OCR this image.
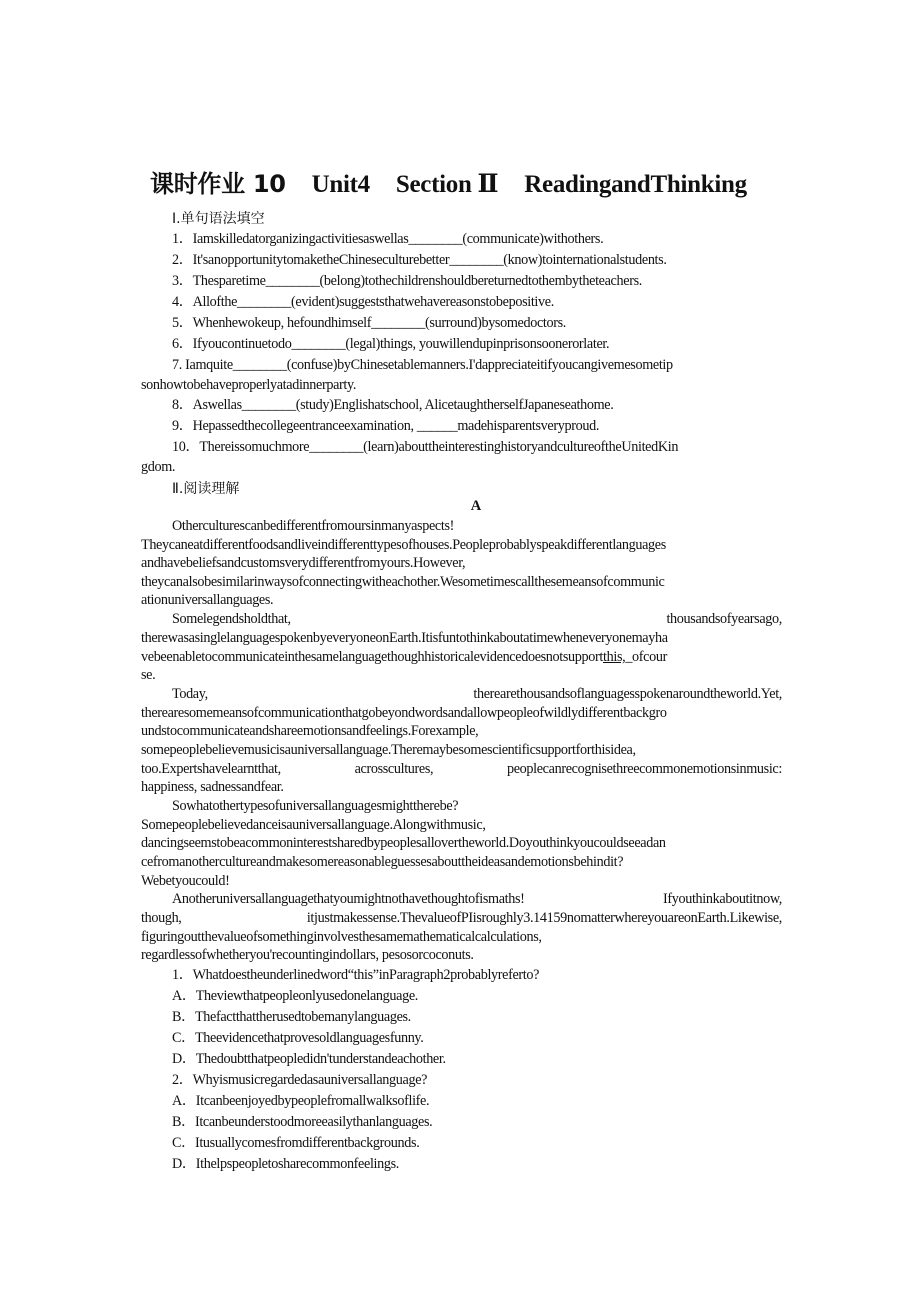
课时作业 10 Unit4 Section Ⅱ ReadingandThinking
Ⅰ.单句语法填空
1．Iamskilledatorganizingactivitiesaswellas________(communicate)withothers.
2．It'sanopportunitytomaketheChineseculturebetter________(know)tointernationalstudents.
3．Thesparetime________(belong)tothechildrenshouldbereturnedtothembytheteachers.
4．Allofthe________(evident)suggeststhatwehavereasonstobepositive.
5．Whenhewokeup, hefoundhimself________(surround)bysomedoctors.
6．Ifyoucontinuetodo________(legal)things, youwillendupinprisonsoonerorlater.
7. Iamquite________(confuse)byChinesetablemanners.I'dappreciateitifyoucangivemesometip
sonhowtobehaveproperlyatadinnerparty.
8．Aswellas________(study)Englishatschool, AlicetaughtherselfJapaneseathome.
9．Hepassedthecollegeentranceexamination, ______madehisparentsveryproud.
10．Thereissomuchmore________(learn)abouttheinterestinghistoryandcultureoftheUnitedKin
gdom.
Ⅱ.阅读理解
A
Otherculturescanbedifferentfromoursinmanyaspects!
Theycaneatdifferentfoodsandliveindifferenttypesofhouses.Peopleprobablyspeakdifferentlanguages
andhavebeliefsandcustomsverydifferentfromyours.However,
theycanalsobesimilarinwaysofconnectingwitheachother.Wesometimescallthesemeansofcommunic
ationuniversallanguages.
Somelegendsholdthat,	thousandsofyearsago,
therewasasinglelanguagespokenbyeveryoneonEarth.Itisfuntothinkaboutatimewheneveryonemayha
vebeenabletocommunicateinthesamelanguagethoughhistoricalevidencedoesnotsupportthis,_ofcour
se.
Today,	therearethousandsoflanguagesspokenaroundtheworld.Yet,
therearesomemeansofcommunicationthatgobeyondwordsandallowpeopleofwildlydifferentbackgro
undstocommunicateandshareemotionsandfeelings.Forexample,
somepeoplebelievemusicisauniversallanguage.Theremaybesomescientificsupportforthisidea,
too.Expertshavelearntthat,	acrosscultures,	peoplecanrecognisethreecommonemotionsinmusic:
happiness, sadnessandfear.
Sowhatothertypesofuniversallanguagesmighttherebe?
Somepeoplebelievedanceisauniversallanguage.Alongwithmusic,
dancingseemstobeacommoninterestsharedbypeoplesallovertheworld.Doyouthinkyoucouldseeadan
cefromanothercultureandmakesomereasonableguessesabouttheideasandemotionsbehindit?
Webetyoucould!
Anotheruniversallanguagethatyoumightnothavethoughtofismaths!	Ifyouthinkaboutitnow,
though,	itjustmakessense.ThevalueofPIisroughly3.14159nomatterwhereyouareonEarth.Likewise,
figuringoutthevalueofsomethinginvolvesthesamemathematicalcalculations,
regardlessofwhetheryou'recountingindollars, pesosorcoconuts.
1．Whatdoestheunderlinedword“this”inParagraph2probablyreferto?
A．Theviewthatpeopleonlyusedonelanguage.
B．Thefactthattherusedtobemanylanguages.
C．Theevidencethatprovesoldlanguagesfunny.
D．Thedoubtthatpeopledidn'tunderstandeachother.
2．Whyismusicregardedasauniversallanguage?
A．Itcanbeenjoyedbypeoplefromallwalksoflife.
B．Itcanbeunderstoodmoreeasilythanlanguages.
C．Itusuallycomesfromdifferentbackgrounds.
D．Ithelpspeopletosharecommonfeelings.
